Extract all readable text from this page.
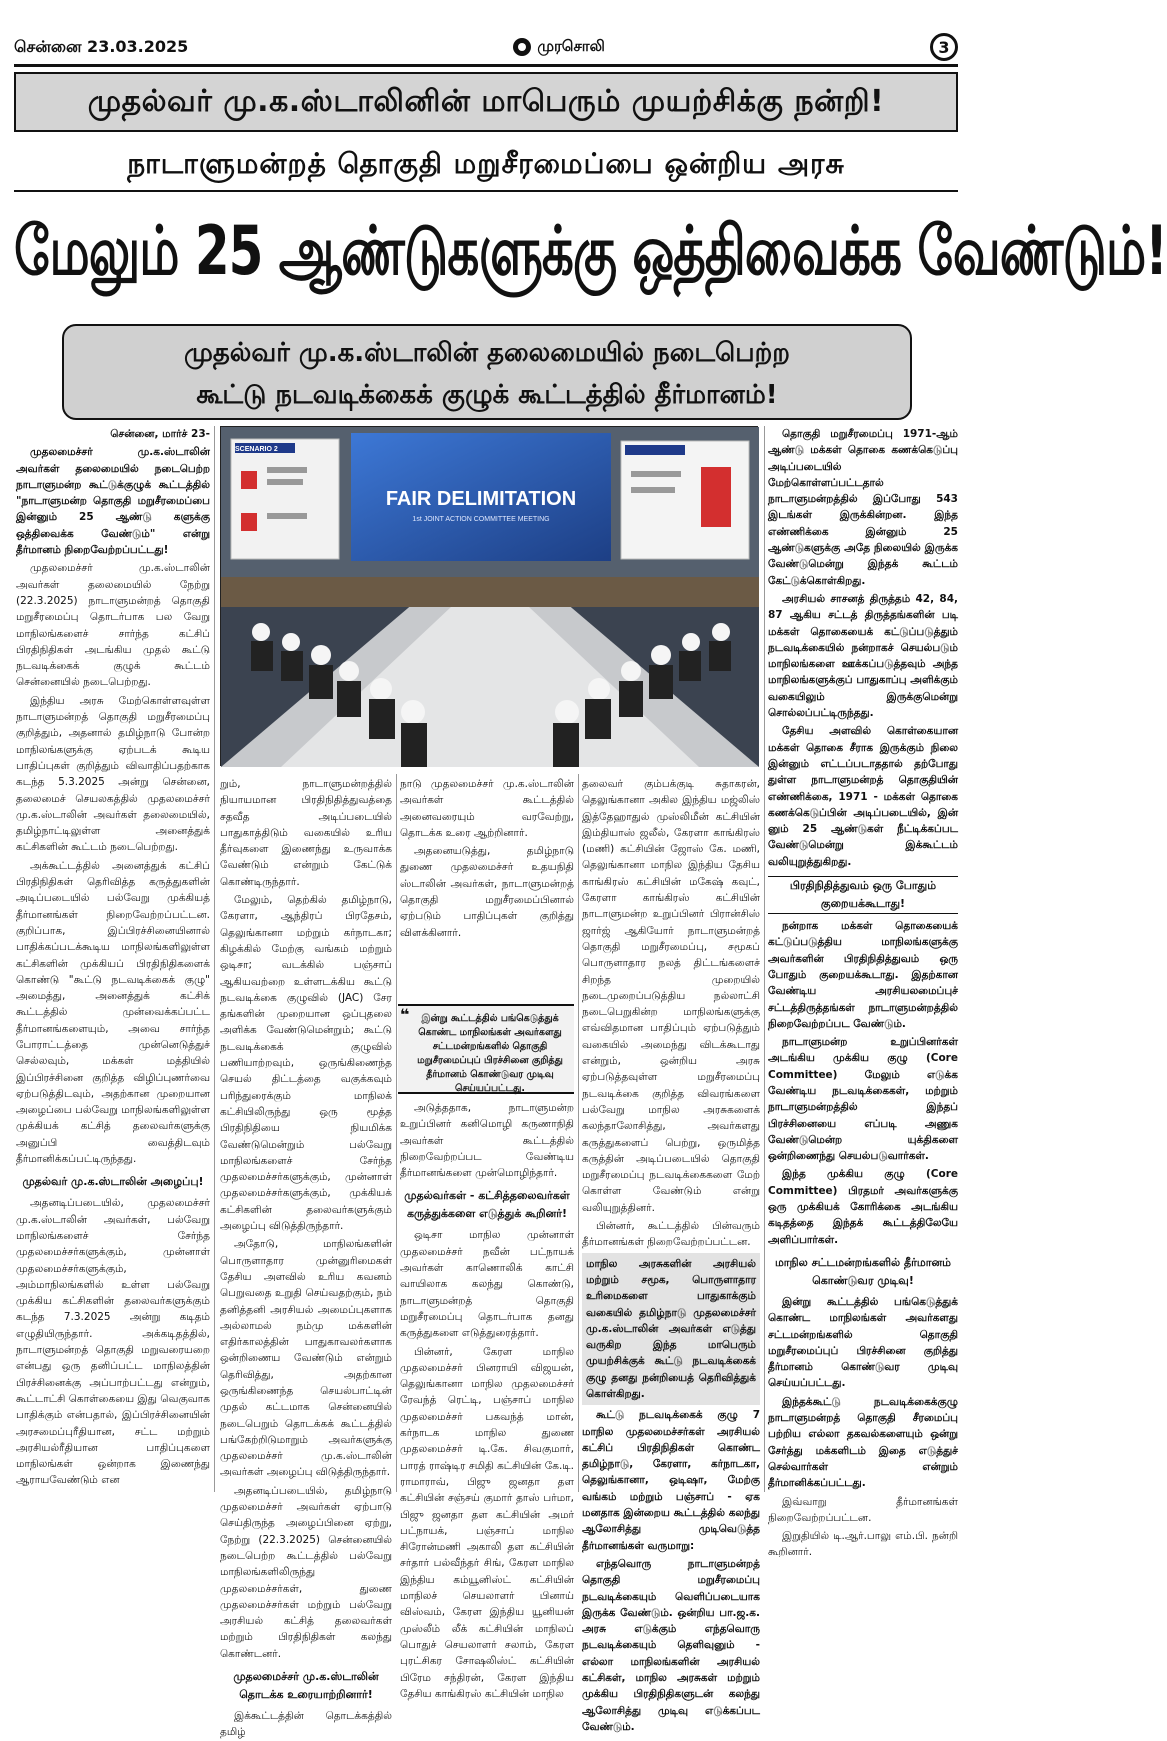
சென்னை 23.03.2025	முரசொலி	3
முதல்வர் மு.க.ஸ்டாலினின் மாபெரும் முயற்சிக்கு நன்றி!
நாடாளுமன்றத் தொகுதி மறுசீரமைப்பை ஒன்றிய அரசு
மேலும் 25 ஆண்டுகளுக்கு ஒத்திவைக்க வேண்டும்!
முதல்வர் மு.க.ஸ்டாலின் தலைமையில் நடைபெற்ற
கூட்டு நடவடிக்கைக் குழுக் கூட்டத்தில் தீர்மானம்!
FAIR DELIMITATION
1st JOINT ACTION COMMITTEE MEETING
SCENARIO 2

சென்னை, மார்ச் 23-

முதலமைச்சர் மு.க.ஸ்டாலின் அவர்கள் தலைமையில் நடைபெற்ற நாடாளுமன்ற கூட்டுக்குழுக் கூட்டத்தில் "நாடாளுமன்ற தொகுதி மறுசீரமைப்பை இன்னும் 25 ஆண்டு களுக்கு ஒத்திவைக்க வேண்டும்" என்று தீர்மானம் நிறைவேற்றப்பட்டது!

முதலமைச்சர் மு.க.ஸ்டாலின் அவர்கள் தலைமையில் நேற்று (22.3.2025) நாடாளுமன்றத் தொகுதி மறுசீரமைப்பு தொடர்பாக பல வேறு மாநிலங்களைச் சார்ந்த கட்சிப் பிரதிநிதிகள் அடங்கிய முதல் கூட்டு நடவடிக்கைக் குழுக் கூட்டம் சென்னையில் நடைபெற்றது.

இந்திய அரசு மேற்கொள்ளவுள்ள நாடாளுமன்றத் தொகுதி மறுசீரமைப்பு குறித்தும், அதனால் தமிழ்நாடு போன்ற மாநிலங்களுக்கு ஏற்படக் கூடிய பாதிப்புகள் குறித்தும் விவாதிப்பதற்காக கடந்த 5.3.2025 அன்று சென்னை, தலைமைச் செயலகத்தில் முதலமைச்சர் மு.க.ஸ்டாலின் அவர்கள் தலைமையில், தமிழ்நாட்டிலுள்ள அனைத்துக் கட்சிகளின் கூட்டம் நடைபெற்றது.

அக்கூட்டத்தில் அனைத்துக் கட்சிப் பிரதிநிதிகள் தெரிவித்த கருத்துகளின் அடிப்படையில் பல்வேறு முக்கியத் தீர்மானங்கள் நிறைவேற்றப்பட்டன. குறிப்பாக, இப்பிரச்சினையினால் பாதிக்கப்படக்கூடிய மாநிலங்களிலுள்ள கட்சிகளின் முக்கியப் பிரதிநிதிகளைக் கொண்டு "கூட்டு நடவடிக்கைக் குழு" அமைத்து, அனைத்துக் கட்சிக் கூட்டத்தில் முன்வைக்கப்பட்ட தீர்மானங்களையும், அவை சார்ந்த போராட்டத்தை முன்னெடுத்துச் செல்லவும், மக்கள் மத்தியில் இப்பிரச்சினை குறித்த விழிப்புணர்வை ஏற்படுத்திடவும், அதற்கான முறையான அழைப்பை பல்வேறு மாநிலங்களிலுள்ள முக்கியக் கட்சித் தலைவர்களுக்கு அனுப்பி வைத்திடவும் தீர்மானிக்கப்பட்டிருந்தது.

முதல்வர் மு.க.ஸ்டாலின் அழைப்பு!

அதனடிப்படையில், முதலமைச்சர் மு.க.ஸ்டாலின் அவர்கள், பல்வேறு மாநிலங்களைச் சேர்ந்த முதலமைச்சர்களுக்கும், முன்னாள் முதலமைச்சர்களுக்கும், அம்மாநிலங்களில் உள்ள பல்வேறு முக்கிய கட்சிகளின் தலைவர்களுக்கும் கடந்த 7.3.2025 அன்று கடிதம் எழுதியிருந்தார். அக்கடிதத்தில், நாடாளுமன்றத் தொகுதி மறுவரையறை என்பது ஒரு தனிப்பட்ட மாநிலத்தின் பிரச்சினைக்கு அப்பாற்பட்டது என்றும், கூட்டாட்சி கொள்கையை இது வெகுவாக பாதிக்கும் என்பதால், இப்பிரச்சினையின் அரசமைப்புரீதியான, சட்ட மற்றும் அரசியல்ரீதியான பாதிப்புகளை மாநிலங்கள் ஒன்றாக இணைந்து ஆராயவேண்டும் என

றும், நாடாளுமன்றத்தில் நியாயமான பிரதிநிதித்துவத்தை சதவீத அடிப்படையில் பாதுகாத்திடும் வகையில் உரிய தீர்வுகளை இணைந்து உருவாக்க வேண்டும் என்றும் கேட்டுக் கொண்டிருந்தார்.

மேலும், தெற்கில் தமிழ்நாடு, கேரளா, ஆந்திரப் பிரதேசம், தெலுங்கானா மற்றும் கர்நாடகா; கிழக்கில் மேற்கு வங்கம் மற்றும் ஒடிசா; வடக்கில் பஞ்சாப் ஆகியவற்றை உள்ளடக்கிய கூட்டு நடவடிக்கை குழுவில் (JAC) சேர தங்களின் முறையான ஒப்புதலை அளிக்க வேண்டுமென்றும்; கூட்டு நடவடிக்கைக் குழுவில் பணியாற்றவும், ஒருங்கிணைந்த செயல் திட்டத்தை வகுக்கவும் பரிந்துரைக்கும் மாநிலக் கட்சியிலிருந்து ஒரு மூத்த பிரதிநிதியை நியமிக்க வேண்டுமென்றும் பல்வேறு மாநிலங்களைச் சேர்ந்த முதலமைச்சர்களுக்கும், முன்னாள் முதலமைச்சர்களுக்கும், முக்கியக் கட்சிகளின் தலைவர்களுக்கும் அழைப்பு விடுத்திருந்தார்.

அதோடு, மாநிலங்களின் பொருளாதார முன்னுரிமைகள் தேசிய அளவில் உரிய கவனம் பெறுவதை உறுதி செய்வதற்கும், நம் தனித்தனி அரசியல் அமைப்புகளாக அல்லாமல் நம்மு மக்களின் எதிர்காலத்தின் பாதுகாவலர்களாக ஒன்றிணைய வேண்டும் என்றும் தெரிவித்து, அதற்கான ஒருங்கிணைந்த செயல்பாட்டின் முதல் கட்டமாக சென்னையில் நடைபெறும் தொடக்கக் கூட்டத்தில் பங்கேற்றிடுமாறும் அவர்களுக்கு முதலமைச்சர் மு.க.ஸ்டாலின் அவர்கள் அழைப்பு விடுத்திருந்தார்.

அதனடிப்படையில், தமிழ்நாடு முதலமைச்சர் அவர்கள் ஏற்பாடு செய்திருந்த அழைப்பினை ஏற்று, நேற்று (22.3.2025) சென்னையில் நடைபெற்ற கூட்டத்தில் பல்வேறு மாநிலங்களிலிருந்து முதலமைச்சர்கள், துணை முதலமைச்சர்கள் மற்றும் பல்வேறு அரசியல் கட்சித் தலைவர்கள் மற்றும் பிரதிநிதிகள் கலந்து கொண்டனர்.

முதலமைச்சர் மு.க.ஸ்டாலின் தொடக்க உரையாற்றினார்!

இக்கூட்டத்தின் தொடக்கத்தில் தமிழ்

நாடு முதலமைச்சர் மு.க.ஸ்டாலின் அவர்கள் கூட்டத்தில் அனைவரையும் வரவேற்று, தொடக்க உரை ஆற்றினார்.

அதனையடுத்து, தமிழ்நாடு துணை முதலமைச்சர் உதயநிதி ஸ்டாலின் அவர்கள், நாடாளுமன்றத் தொகுதி மறுசீரமைப்பினால் ஏற்படும் பாதிப்புகள் குறித்து விளக்கினார்.

❝ இன்று கூட்டத்தில் பங்கெடுத்துக் கொண்ட மாநிலங்கள் அவர்களது சட்டமன்றங்களில் தொகுதி மறுசீரமைப்புப் பிரச்சினை குறித்து தீர்மானம் கொண்டுவர முடிவு செய்யப்பட்டது.

அடுத்ததாக, நாடாளுமன்ற உறுப்பினர் கனிமொழி கருணாநிதி அவர்கள் கூட்டத்தில் நிறைவேற்றப்பட வேண்டிய தீர்மானங்களை முன்மொழிந்தார்.

முதல்வர்கள் - கட்சித்தலைவர்கள் கருத்துக்களை எடுத்துக் கூறினர்!

ஒடிசா மாநில முன்னாள் முதலமைச்சர் நவீன் பட்நாயக் அவர்கள் காணொலிக் காட்சி வாயிலாக கலந்து கொண்டு, நாடாளுமன்றத் தொகுதி மறுசீரமைப்பு தொடர்பாக தனது கருத்துகளை எடுத்துரைத்தார்.

பின்னர், கேரள மாநில முதலமைச்சர் பினராயி விஜயன், தெலுங்கானா மாநில முதலமைச்சர் ரேவந்த் ரெட்டி, பஞ்சாப் மாநில முதலமைச்சர் பகவந்த் மான், கர்நாடக மாநில துணை முதலமைச்சர் டி.கே. சிவகுமார், பாரத் ராஷ்டிர சமிதி கட்சியின் கே.டி. ராமாராவ், பிஜு ஜனதா தள கட்சியின் சஞ்சய் குமார் தாஸ் பர்மா, பிஜு ஜனதா தள கட்சியின் அமர் பட்நாயக், பஞ்சாப் மாநில சிரோன்மணி அகாலி தள கட்சியின் சர்தார் பல்வீந்தர் சிங், கேரள மாநில இந்திய கம்யூனிஸ்ட் கட்சியின் மாநிலச் செயலாளர் பினாய் விஸ்வம், கேரள இந்திய யூனியன் முஸ்லீம் லீக் கட்சியின் மாநிலப் பொதுச் செயலாளர் சலாம், கேரள புரட்சிகர சோஷலிஸ்ட் கட்சியின் பிரேம சந்திரன், கேரள இந்திய தேசிய காங்கிரஸ் கட்சியின் மாநில

தலைவர் கும்பக்குடி சுதாகரன், தெலுங்கானா அகில இந்திய மஜ்லிஸ் இத்தேஹாதுல் முஸ்லிமீன் கட்சியின் இம்தியாஸ் ஜலீல், கேரளா காங்கிரஸ் (மணி) கட்சியின் ஜோஸ் கே. மணி, தெலுங்கானா மாநில இந்திய தேசிய காங்கிரஸ் கட்சியின் மகேஷ் கவுட், கேரளா காங்கிரஸ் கட்சியின் நாடாளுமன்ற உறுப்பினர் பிரான்சிஸ் ஜார்ஜ் ஆகியோர் நாடாளுமன்றத் தொகுதி மறுசீரமைப்பு, சமூகப் பொருளாதார நலத் திட்டங்களைச் சிறந்த முறையில் நடைமுறைப்படுத்திய நல்லாட்சி நடைபெறுகின்ற மாநிலங்களுக்கு எவ்விதமான பாதிப்பும் ஏற்படுத்தும் வகையில் அமைந்து விடக்கூடாது என்றும், ஒன்றிய அரசு ஏற்படுத்தவுள்ள மறுசீரமைப்பு நடவடிக்கை குறித்த விவரங்களை பல்வேறு மாநில அரசுகளைக் கலந்தாலோசித்து, அவர்களது கருத்துகளைப் பெற்று, ஒருமித்த கருத்தின் அடிப்படையில் தொகுதி மறுசீரமைப்பு நடவடிக்கைகளை மேற் கொள்ள வேண்டும் என்று வலியுறுத்தினர்.

பின்னர், கூட்டத்தில் பின்வரும் தீர்மானங்கள் நிறைவேற்றப்பட்டன.

மாநில அரசுகளின் அரசியல் மற்றும் சமூக, பொருளாதார உரிமைகளை பாதுகாக்கும் வகையில் தமிழ்நாடு முதலமைச்சர் மு.க.ஸ்டாலின் அவர்கள் எடுத்து வருகிற இந்த மாபெரும் முயற்சிக்குக் கூட்டு நடவடிக்கைக் குழு தனது நன்றியைத் தெரிவித்துக் கொள்கிறது.

கூட்டு நடவடிக்கைக் குழு 7 மாநில முதலமைச்சர்கள் அரசியல் கட்சிப் பிரதிநிதிகள் கொண்ட தமிழ்நாடு, கேரளா, கர்நாடகா, தெலுங்கானா, ஒடிஷா, மேற்கு வங்கம் மற்றும் பஞ்சாப் - ஏக மனதாக இன்றைய கூட்டத்தில் கலந்து ஆலோசித்து முடிவெடுத்த தீர்மானங்கள் வருமாறு:

எந்தவொரு நாடாளுமன்றத் தொகுதி மறுசீரமைப்பு நடவடிக்கையும் வெளிப்படையாக இருக்க வேண்டும். ஒன்றிய பா.ஜ.க. அரசு எடுக்கும் எந்தவொரு நடவடிக்கையும் தெளிவுனும் - எல்லா மாநிலங்களின் அரசியல் கட்சிகள், மாநில அரசுகள் மற்றும் முக்கிய பிரதிநிதிகளுடன் கலந்து ஆலோசித்து முடிவு எடுக்கப்பட வேண்டும்.

தொகுதி மறுசீரமைப்பு 1971-ஆம் ஆண்டு மக்கள் தொகை கணக்கெடுப்பு அடிப்படையில் மேற்கொள்ளப்பட்டதால் நாடாளுமன்றத்தில் இப்போது 543 இடங்கள் இருக்கின்றன. இந்த எண்ணிக்கை இன்னும் 25 ஆண்டுகளுக்கு அதே நிலையில் இருக்க வேண்டுமென்று இந்தக் கூட்டம் கேட்டுக்கொள்கிறது.

அரசியல் சாசனத் திருத்தம் 42, 84, 87 ஆகிய சட்டத் திருத்தங்களின் படி மக்கள் தொகையைக் கட்டுப்படுத்தும் நடவடிக்கையில் நன்றாகச் செயல்படும் மாநிலங்களை ஊக்கப்படுத்தவும் அந்த மாநிலங்களுக்குப் பாதுகாப்பு அளிக்கும் வகையிலும் இருக்குமென்று சொல்லப்பட்டிருந்தது.

தேசிய அளவில் கொள்கையான மக்கள் தொகை சீராக இருக்கும் நிலை இன்னும் எட்டப்படாததால் தற்போது துள்ள நாடாளுமன்றத் தொகுதியின் எண்ணிக்கை, 1971 - மக்கள் தொகை கணக்கெடுப்பின் அடிப்படையில், இன் னும் 25 ஆண்டுகள் நீட்டிக்கப்பட வேண்டுமென்று இக்கூட்டம் வலியுறுத்துகிறது.

பிரதிநிதித்துவம் ஒரு போதும் குறையக்கூடாது!

நன்றாக மக்கள் தொகையைக் கட்டுப்படுத்திய மாநிலங்களுக்கு அவர்களின் பிரதிநிதித்துவம் ஒரு போதும் குறையக்கூடாது. இதற்கான வேண்டிய அரசியலமைப்புச் சட்டத்திருத்தங்கள் நாடாளுமன்றத்தில் நிறைவேற்றப்பட வேண்டும்.

நாடாளுமன்ற உறுப்பினர்கள் அடங்கிய முக்கிய குழு (Core Committee) மேலும் எடுக்க வேண்டிய நடவடிக்கைகள், மற்றும் நாடாளுமன்றத்தில் இந்தப் பிரச்சினையை எப்படி அணுக வேண்டுமென்ற யுக்திகளை ஒன்றிணைந்து செயல்படுவார்கள்.

இந்த முக்கிய குழு (Core Committee) பிரதமர் அவர்களுக்கு ஒரு முக்கியக் கோரிக்கை அடங்கிய கடிதத்தை இந்தக் கூட்டத்திலேயே அளிப்பார்கள்.

மாநில சட்டமன்றங்களில் தீர்மானம் கொண்டுவர முடிவு!

இன்று கூட்டத்தில் பங்கெடுத்துக் கொண்ட மாநிலங்கள் அவர்களது சட்டமன்றங்களில் தொகுதி மறுசீரமைப்புப் பிரச்சினை குறித்து தீர்மானம் கொண்டுவர முடிவு செய்யப்பட்டது.

இந்தக்கூட்டு நடவடிக்கைக்குழு நாடாளுமன்றத் தொகுதி சீரமைப்பு பற்றிய எல்லா தகவல்களையும் ஒன்று சேர்த்து மக்களிடம் இதை எடுத்துச் செல்வார்கள் என்றும் தீர்மானிக்கப்பட்டது.

இவ்வாறு தீர்மானங்கள் நிறைவேற்றப்பட்டன.

இறுதியில் டி.ஆர்.பாலு எம்.பி. நன்றி கூறினார்.
